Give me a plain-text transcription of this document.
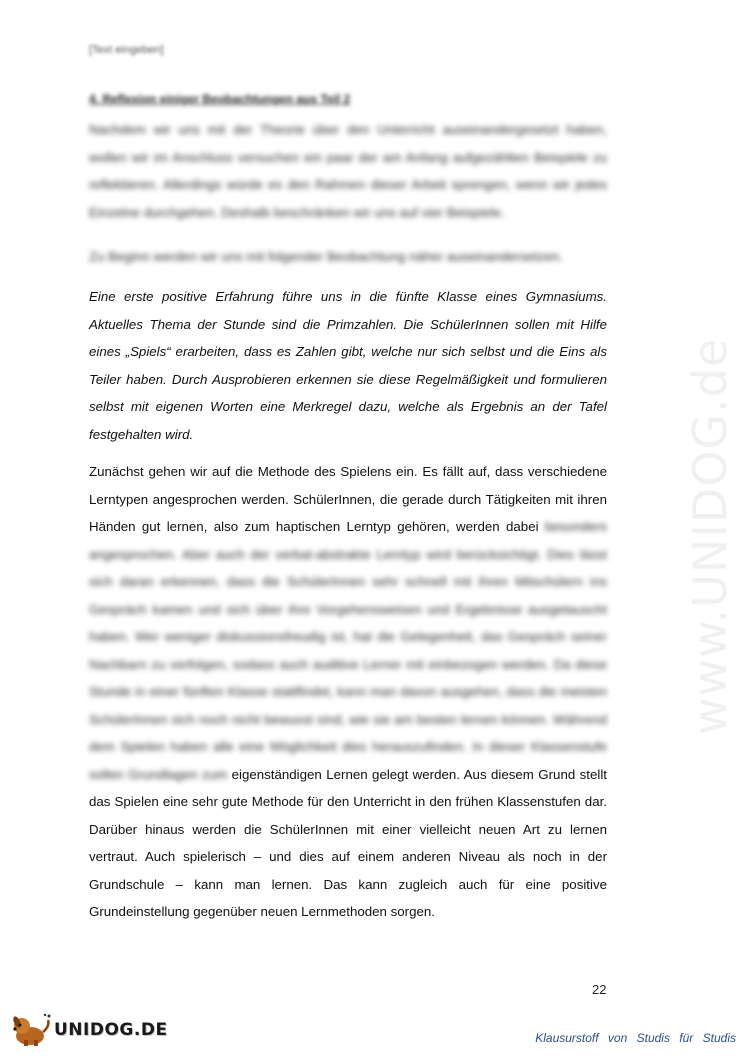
[Text eingeben]
4. Reflexion einiger Beobachtungen aus Teil 2

Nachdem wir uns mit der Theorie über den Unterricht auseinandergesetzt haben, wollen wir im Anschluss versuchen ein paar der am Anfang aufgezählten Beispiele zu reflektieren. Allerdings würde es den Rahmen dieser Arbeit sprengen, wenn wir jedes Einzelne durchgehen. Deshalb beschränken wir uns auf vier Beispiele.

Zu Beginn werden wir uns mit folgender Beobachtung näher auseinandersetzen.

Eine erste positive Erfahrung führe uns in die fünfte Klasse eines Gymnasiums. Aktuelles Thema der Stunde sind die Primzahlen. Die SchülerInnen sollen mit Hilfe eines „Spiels“ erarbeiten, dass es Zahlen gibt, welche nur sich selbst und die Eins als Teiler haben. Durch Ausprobieren erkennen sie diese Regelmäßigkeit und formulieren selbst mit eigenen Worten eine Merkregel dazu, welche als Ergebnis an der Tafel festgehalten wird.

Zunächst gehen wir auf die Methode des Spielens ein. Es fällt auf, dass verschiedene Lerntypen angesprochen werden. SchülerInnen, die gerade durch Tätigkeiten mit ihren Händen gut lernen, also zum haptischen Lerntyp gehören, werden dabei besonders angesprochen. Aber auch der verbal-abstrakte Lerntyp wird berücksichtigt. Dies lässt sich daran erkennen, dass die SchülerInnen sehr schnell mit ihren Mitschülern ins Gespräch kamen und sich über ihre Vorgehensweisen und Ergebnisse ausgetauscht haben. Wer weniger diskussionsfreudig ist, hat die Gelegenheit, das Gespräch seiner Nachbarn zu verfolgen, sodass auch auditive Lerner mit einbezogen werden. Da diese Stunde in einer fünften Klasse stattfindet, kann man davon ausgehen, dass die meisten SchülerInnen sich noch nicht bewusst sind, wie sie am besten lernen können. Während dem Spielen haben alle eine Möglichkeit dies herauszufinden. In dieser Klassenstufe sollen Grundlagen zum eigenständigen Lernen gelegt werden. Aus diesem Grund stellt das Spielen eine sehr gute Methode für den Unterricht in den frühen Klassenstufen dar. Darüber hinaus werden die SchülerInnen mit einer vielleicht neuen Art zu lernen vertraut. Auch spielerisch – und dies auf einem anderen Niveau als noch in der Grundschule – kann man lernen. Das kann zugleich auch für eine positive Grundeinstellung gegenüber neuen Lernmethoden sorgen.

www.UNIDOG.de
22
UNIDOG.DE	Klausurstoff von Studis für Studis
